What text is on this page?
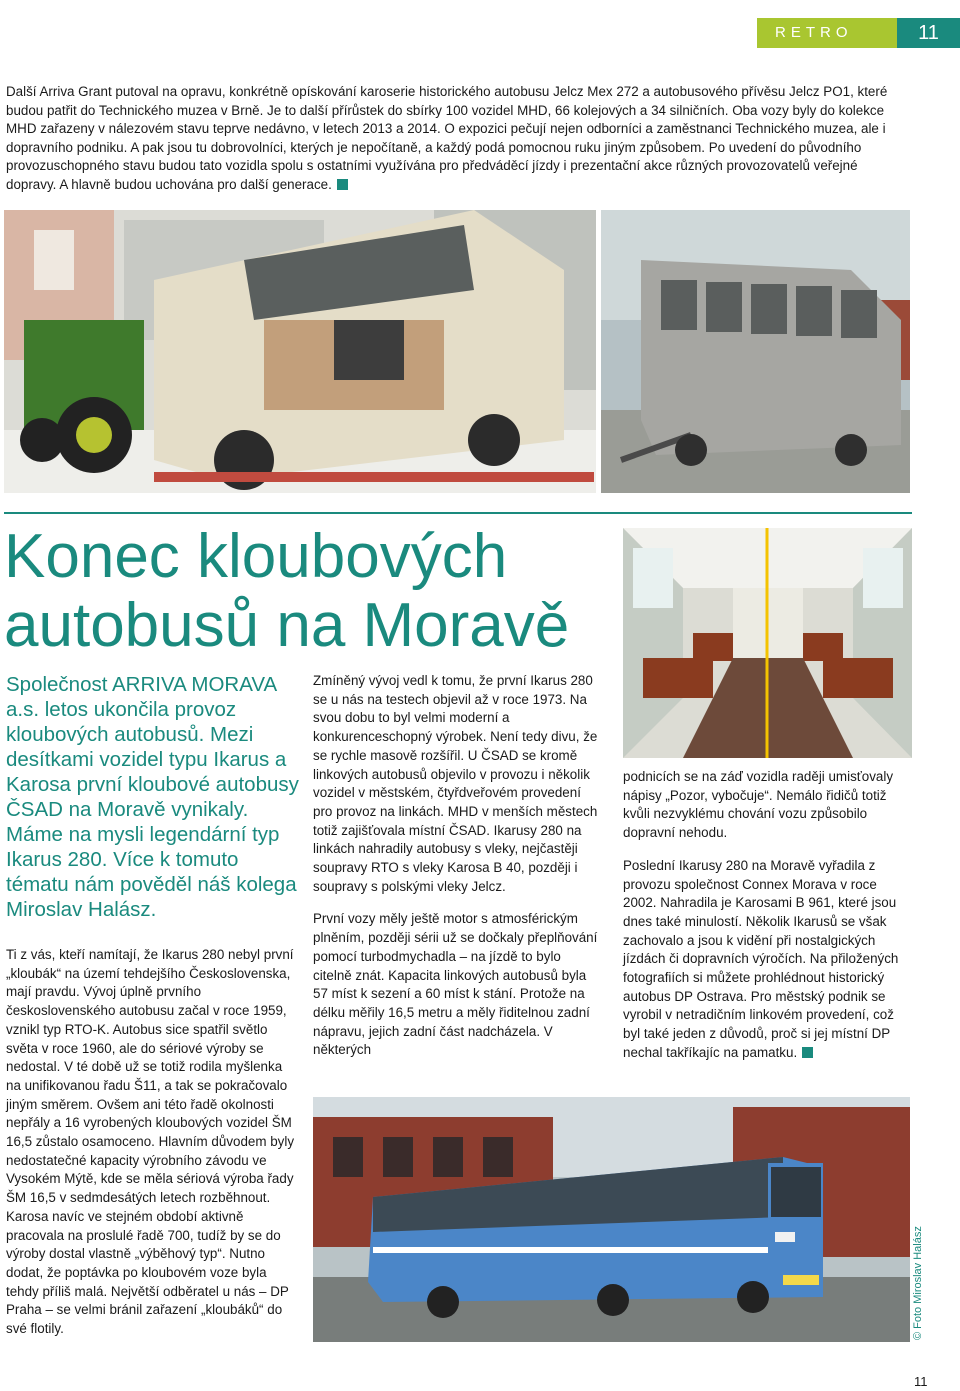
RETRO	11
Další Arriva Grant putoval na opravu, konkrétně opískování karoserie historického autobusu Jelcz Mex 272 a autobusového přívěsu Jelcz PO1, které budou patřit do Technického muzea v Brně. Je to další přírůstek do sbírky 100 vozidel MHD, 66 kolejových a 34 silničních. Oba vozy byly do kolekce MHD zařazeny v nálezovém stavu teprve nedávno, v letech 2013 a 2014. O expozici pečují nejen odborníci a zaměstnanci Technického muzea, ale i dopravního podniku. A pak jsou tu dobrovolníci, kterých je nepočítaně, a každý podá pomocnou ruku jiným způsobem. Po uvedení do původního provozuschopného stavu budou tato vozidla spolu s ostatními využívána pro předváděcí jízdy i prezentační akce různých provozovatelů veřejné dopravy. A hlavně budou uchována pro další generace.
Konec kloubových autobusů na Moravě
Společnost ARRIVA MORAVA a.s. letos ukončila provoz kloubových autobusů. Mezi desítkami vozidel typu Ikarus a Karosa první kloubové autobusy ČSAD na Moravě vynikaly. Máme na mysli legendární typ Ikarus 280. Více k tomuto tématu nám pověděl náš kolega Miroslav Halász.
Ti z vás, kteří namítají, že Ikarus 280 nebyl první „kloubák“ na území tehdejšího Československa, mají pravdu. Vývoj úplně prvního československého autobusu začal v roce 1959, vznikl typ RTO-K. Autobus sice spatřil světlo světa v roce 1960, ale do sériové výroby se nedostal. V té době už se totiž rodila myšlenka na unifikovanou řadu Š11, a tak se pokračovalo jiným směrem. Ovšem ani této řadě okolnosti nepřály a 16 vyrobených kloubových vozidel ŠM 16,5 zůstalo osamoceno. Hlavním důvodem byly nedostatečné kapacity výrobního závodu ve Vysokém Mýtě, kde se měla sériová výroba řady ŠM 16,5 v sedmdesátých letech rozběhnout. Karosa navíc ve stejném období aktivně pracovala na proslulé řadě 700, tudíž by se do výroby dostal vlastně „výběhový typ“. Nutno dodat, že poptávka po kloubovém voze byla tehdy příliš malá. Největší odběratel u nás – DP Praha – se velmi bránil zařazení „kloubáků“ do své flotily.

Zmíněný vývoj vedl k tomu, že první Ikarus 280 se u nás na testech objevil až v roce 1973. Na svou dobu to byl velmi moderní a konkurenceschopný výrobek. Není tedy divu, že se rychle masově rozšířil. U ČSAD se kromě linkových autobusů objevilo v provozu i několik vozidel v městském, čtyřdveřovém provedení pro provoz na linkách. MHD v menších městech totiž zajišťovala místní ČSAD. Ikarusy 280 na linkách nahradily autobusy s vleky, nejčastěji soupravy RTO s vleky Karosa B 40, později i soupravy s polskými vleky Jelcz.

První vozy měly ještě motor s atmosférickým plněním, později sérii už se dočkaly přeplňování pomocí turbodmychadla – na jízdě to bylo citelně znát. Kapacita linkových autobusů byla 57 míst k sezení a 60 míst k stání. Protože na délku měřily 16,5 metru a měly řiditelnou zadní nápravu, jejich zadní část nadcházela. V některých

podnicích se na záď vozidla raději umisťovaly nápisy „Pozor, vybočuje“. Nemálo řidičů totiž kvůli nezvyklému chování vozu způsobilo dopravní nehodu.

Poslední Ikarusy 280 na Moravě vyřadila z provozu společnost Connex Morava v roce 2002. Nahradila je Karosami B 961, které jsou dnes také minulostí. Několik Ikarusů se však zachovalo a jsou k vidění při nostalgických jízdách či dopravních výročích. Na přiložených fotografiích si můžete prohlédnout historický autobus DP Ostrava. Pro městský podnik se vyrobil v netradičním linkovém provedení, což byl také jeden z důvodů, proč si jej místní DP nechal takříkajíc na pamatku.

© Foto Miroslav Halász
11
